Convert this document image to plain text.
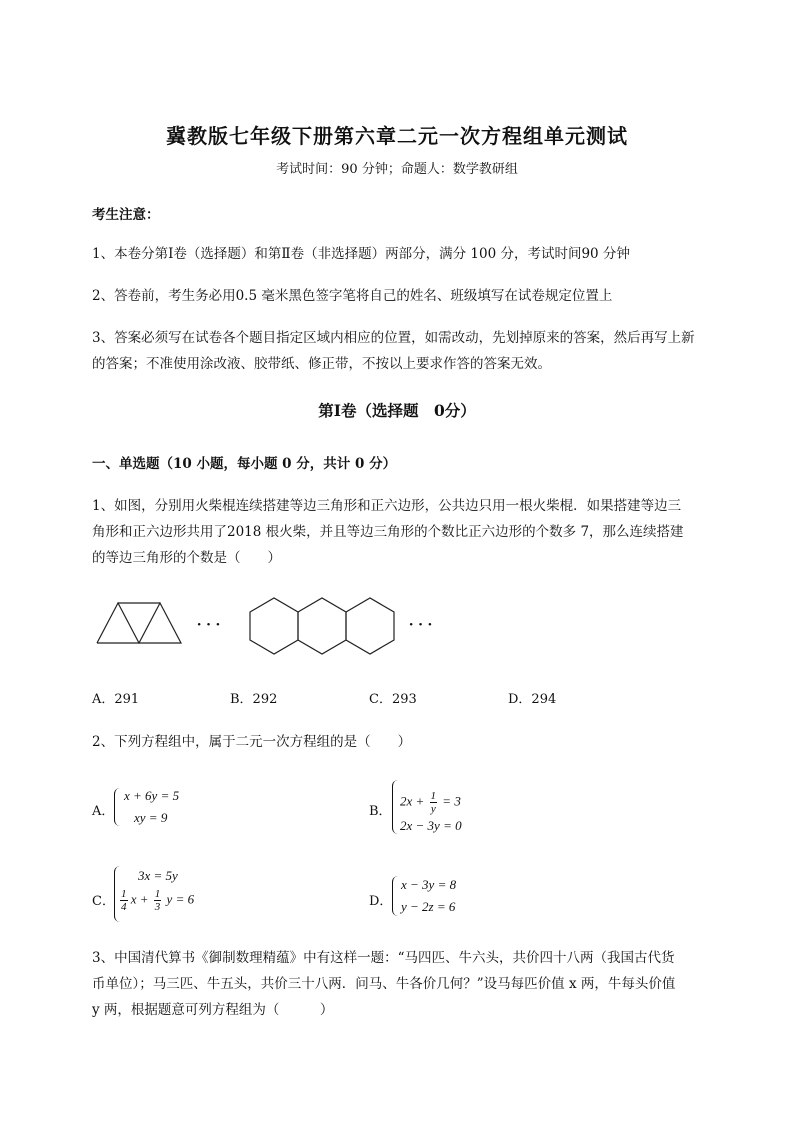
冀教版七年级下册第六章二元一次方程组单元测试
考试时间：90 分钟；命题人：数学教研组
考生注意：
1、本卷分第Ⅰ卷（选择题）和第Ⅱ卷（非选择题）两部分，满分 100 分，考试时间90 分钟
2、答卷前，考生务必用0.5 毫米黑色签字笔将自己的姓名、班级填写在试卷规定位置上
3、答案必须写在试卷各个题目指定区域内相应的位置，如需改动，先划掉原来的答案，然后再写上新
的答案；不准使用涂改液、胶带纸、修正带，不按以上要求作答的答案无效。
第Ⅰ卷（选择题　0分）
一、单选题（10 小题，每小题 0 分，共计 0 分）
1、如图，分别用火柴棍连续搭建等边三角形和正六边形，公共边只用一根火柴棍．如果搭建等边三
角形和正六边形共用了2018 根火柴，并且等边三角形的个数比正六边形的个数多 7，那么连续搭建
的等边三角形的个数是（　　）
···	···
A．291	B．292	C．293	D．294
2、下列方程组中，属于二元一次方程组的是（　　）
A．
x + 6y = 5
xy = 9	B．
$2x + \frac{1}{y} = 3$
2x − 3y = 0
C．
3x = 5y
$\frac{1}{4}$ $x + \frac{1}{3}$ y = 6	D．
x − 3y = 8
y − 2z = 6
3、中国清代算书《御制数理精蕴》中有这样一题：“马四匹、牛六头，共价四十八两（我国古代货
币单位）；马三匹、牛五头，共价三十八两．问马、牛各价几何？”设马每匹价值 x 两，牛每头价值
y 两，根据题意可列方程组为（　　　）
